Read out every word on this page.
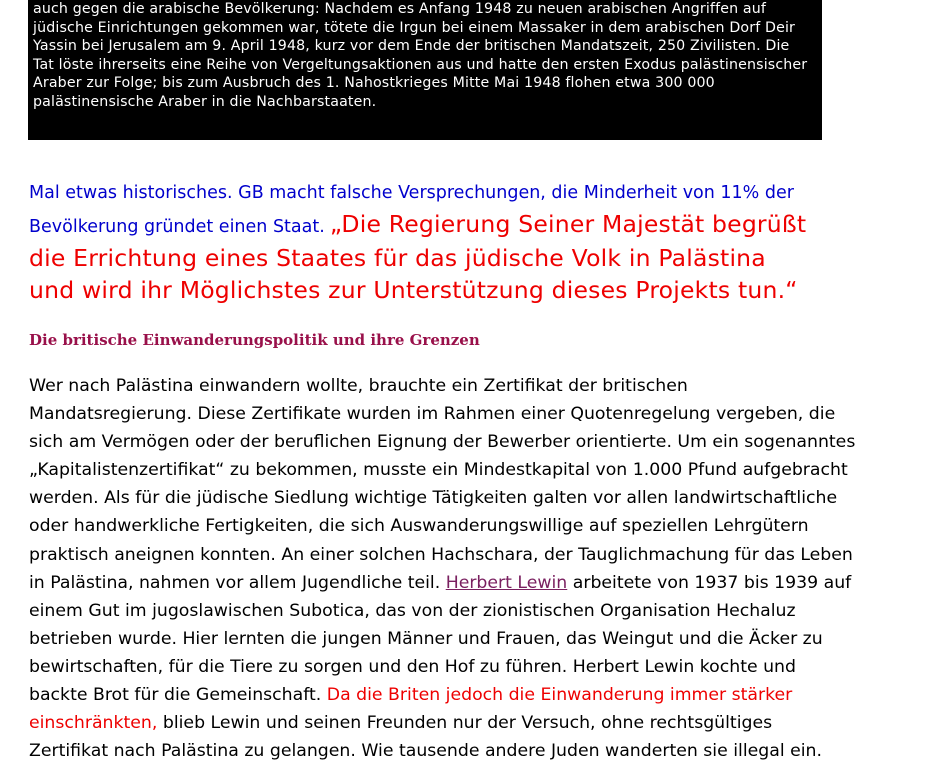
auch gegen die arabische Bevölkerung: Nachdem es Anfang 1948 zu neuen arabischen Angriffen auf

jüdische Einrichtungen gekommen war, tötete die Irgun bei einem Massaker in dem arabischen Dorf Deir

Yassin bei Jerusalem am 9. April 1948, kurz vor dem Ende der britischen Mandatszeit, 250 Zivilisten. Die

Tat löste ihrerseits eine Reihe von Vergeltungsaktionen aus und hatte den ersten Exodus palästinensischer

Araber zur Folge; bis zum Ausbruch des 1. Nahostkrieges Mitte Mai 1948 flohen etwa 300 000

palästinensische Araber in die Nachbarstaaten.

Mal etwas historisches. GB macht falsche Versprechungen, die Minderheit von 11% der
Bevölkerung gründet einen Staat. „Die Regierung Seiner Majestät begrüßt
die Errichtung eines Staates für das jüdische Volk in Palästina
und wird ihr Möglichstes zur Unterstützung dieses Projekts tun.“
Die britische Einwanderungspolitik und ihre Grenzen

Wer nach Palästina einwandern wollte, brauchte ein Zertifikat der britischen
Mandatsregierung. Diese Zertifikate wurden im Rahmen einer Quotenregelung vergeben, die
sich am Vermögen oder der beruflichen Eignung der Bewerber orientierte. Um ein sogenanntes
„Kapitalistenzertifikat“ zu bekommen, musste ein Mindestkapital von 1.000 Pfund aufgebracht
werden. Als für die jüdische Siedlung wichtige Tätigkeiten galten vor allen landwirtschaftliche
oder handwerkliche Fertigkeiten, die sich Auswanderungswillige auf speziellen Lehrgütern
praktisch aneignen konnten. An einer solchen Hachschara, der Tauglichmachung für das Leben
in Palästina, nahmen vor allem Jugendliche teil. Herbert Lewin arbeitete von 1937 bis 1939 auf
einem Gut im jugoslawischen Subotica, das von der zionistischen Organisation Hechaluz
betrieben wurde. Hier lernten die jungen Männer und Frauen, das Weingut und die Äcker zu
bewirtschaften, für die Tiere zu sorgen und den Hof zu führen. Herbert Lewin kochte und
backte Brot für die Gemeinschaft. Da die Briten jedoch die Einwanderung immer stärker
einschränkten, blieb Lewin und seinen Freunden nur der Versuch, ohne rechtsgültiges
Zertifikat nach Palästina zu gelangen. Wie tausende andere Juden wanderten sie illegal ein.
